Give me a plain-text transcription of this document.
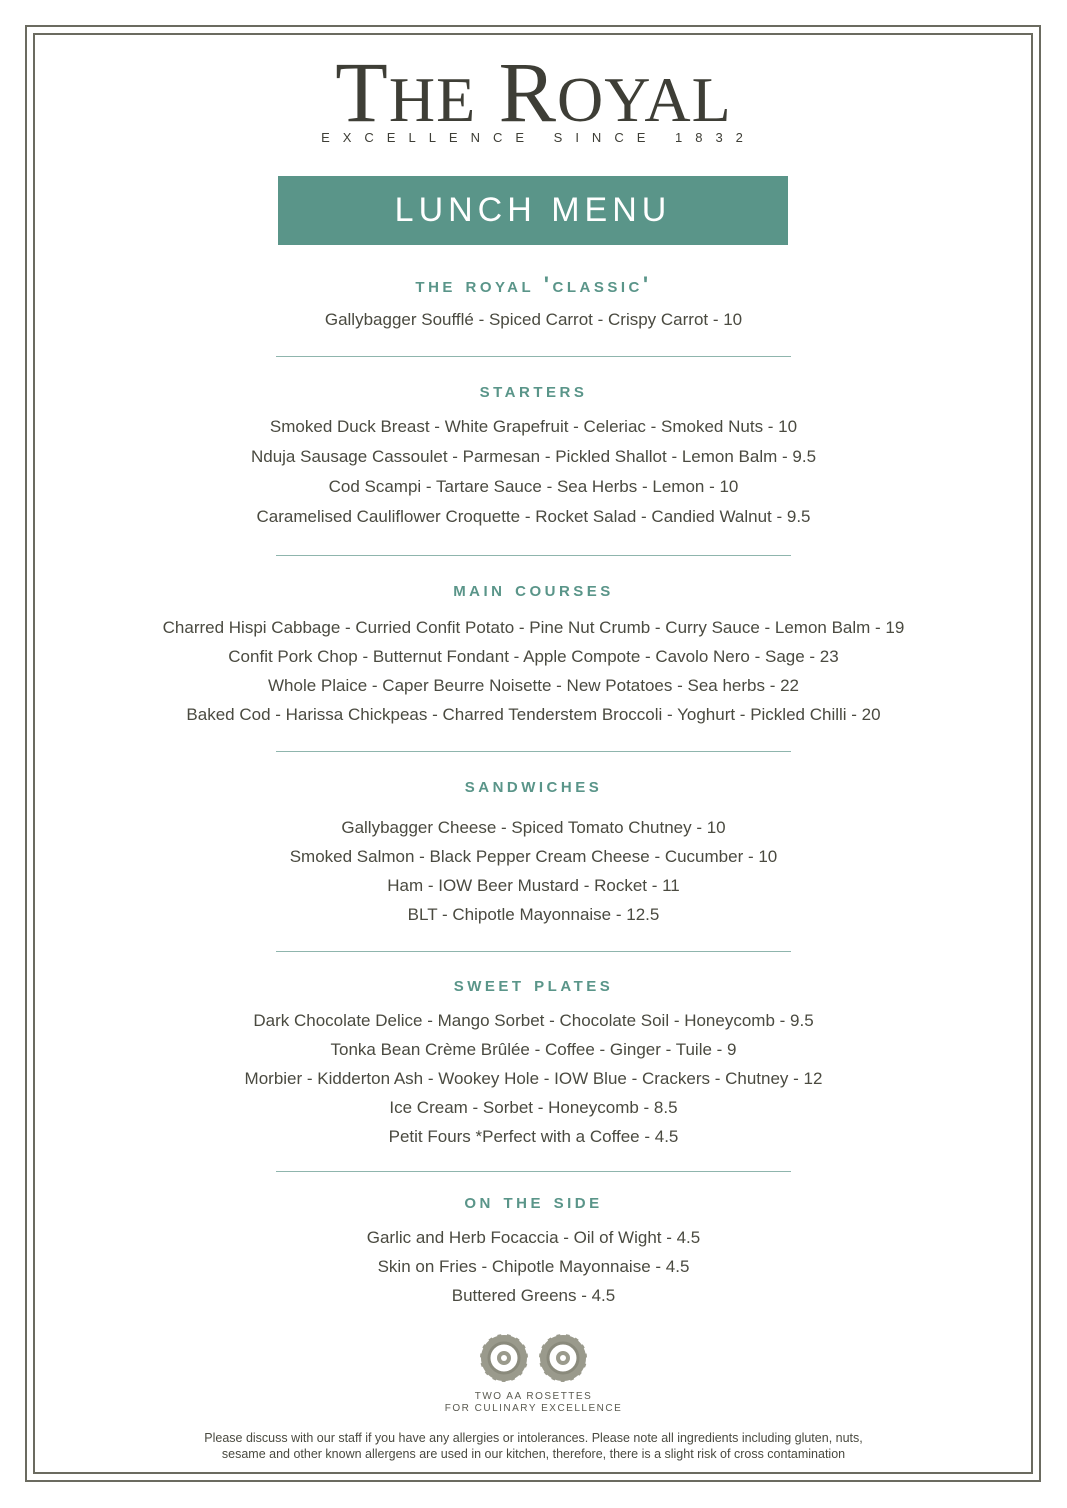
THE ROYAL
EXCELLENCE SINCE 1832
LUNCH MENU
the royal 'classic'
Gallybagger Soufflé - Spiced Carrot - Crispy Carrot - 10
starters
Smoked Duck Breast - White Grapefruit - Celeriac - Smoked Nuts - 10
Nduja Sausage Cassoulet - Parmesan - Pickled Shallot - Lemon Balm - 9.5
Cod Scampi - Tartare Sauce - Sea Herbs - Lemon - 10
Caramelised Cauliflower Croquette - Rocket Salad - Candied Walnut - 9.5
main courses
Charred Hispi Cabbage - Curried Confit Potato - Pine Nut Crumb - Curry Sauce - Lemon Balm - 19
Confit Pork Chop - Butternut Fondant - Apple Compote - Cavolo Nero - Sage - 23
Whole Plaice - Caper Beurre Noisette - New Potatoes - Sea herbs - 22
Baked Cod - Harissa Chickpeas - Charred Tenderstem Broccoli - Yoghurt - Pickled Chilli - 20
sandwiches
Gallybagger Cheese - Spiced Tomato Chutney - 10
Smoked Salmon - Black Pepper Cream Cheese - Cucumber - 10
Ham - IOW Beer Mustard - Rocket - 11
BLT - Chipotle Mayonnaise - 12.5
sweet plates
Dark Chocolate Delice - Mango Sorbet - Chocolate Soil - Honeycomb - 9.5
Tonka Bean Crème Brûlée - Coffee - Ginger - Tuile - 9
Morbier - Kidderton Ash - Wookey Hole - IOW Blue - Crackers - Chutney - 12
Ice Cream - Sorbet - Honeycomb - 8.5
Petit Fours *Perfect with a Coffee - 4.5
on the side
Garlic and Herb Focaccia - Oil of Wight - 4.5
Skin on Fries - Chipotle Mayonnaise - 4.5
Buttered Greens - 4.5
TWO AA ROSETTES
FOR CULINARY EXCELLENCE
Please discuss with our staff if you have any allergies or intolerances. Please note all ingredients including gluten, nuts,
sesame and other known allergens are used in our kitchen, therefore, there is a slight risk of cross contamination
